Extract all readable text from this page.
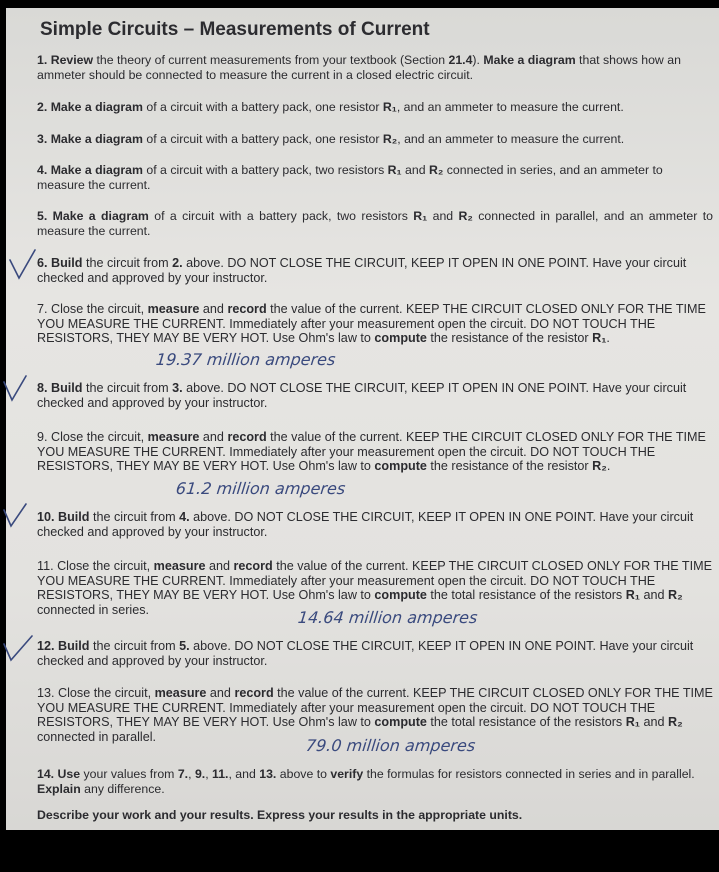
Simple Circuits – Measurements of Current
1. Review the theory of current measurements from your textbook (Section 21.4). Make a diagram that shows how an ammeter should be connected to measure the current in a closed electric circuit.
2. Make a diagram of a circuit with a battery pack, one resistor R₁, and an ammeter to measure the current.
3. Make a diagram of a circuit with a battery pack, one resistor R₂, and an ammeter to measure the current.
4. Make a diagram of a circuit with a battery pack, two resistors R₁ and R₂ connected in series, and an ammeter to measure the current.
5. Make a diagram of a circuit with a battery pack, two resistors R₁ and R₂ connected in parallel, and an ammeter to measure the current.
6. Build the circuit from 2. above. DO NOT CLOSE THE CIRCUIT, KEEP IT OPEN IN ONE POINT. Have your circuit checked and approved by your instructor.
7. Close the circuit, measure and record the value of the current. KEEP THE CIRCUIT CLOSED ONLY FOR THE TIME YOU MEASURE THE CURRENT. Immediately after your measurement open the circuit. DO NOT TOUCH THE RESISTORS, THEY MAY BE VERY HOT. Use Ohm's law to compute the resistance of the resistor R₁.
8. Build the circuit from 3. above. DO NOT CLOSE THE CIRCUIT, KEEP IT OPEN IN ONE POINT. Have your circuit checked and approved by your instructor.
9. Close the circuit, measure and record the value of the current. KEEP THE CIRCUIT CLOSED ONLY FOR THE TIME YOU MEASURE THE CURRENT. Immediately after your measurement open the circuit. DO NOT TOUCH THE RESISTORS, THEY MAY BE VERY HOT. Use Ohm's law to compute the resistance of the resistor R₂.
10. Build the circuit from 4. above. DO NOT CLOSE THE CIRCUIT, KEEP IT OPEN IN ONE POINT. Have your circuit checked and approved by your instructor.
11. Close the circuit, measure and record the value of the current. KEEP THE CIRCUIT CLOSED ONLY FOR THE TIME YOU MEASURE THE CURRENT. Immediately after your measurement open the circuit. DO NOT TOUCH THE RESISTORS, THEY MAY BE VERY HOT. Use Ohm's law to compute the total resistance of the resistors R₁ and R₂ connected in series.
12. Build the circuit from 5. above. DO NOT CLOSE THE CIRCUIT, KEEP IT OPEN IN ONE POINT. Have your circuit checked and approved by your instructor.
13. Close the circuit, measure and record the value of the current. KEEP THE CIRCUIT CLOSED ONLY FOR THE TIME YOU MEASURE THE CURRENT. Immediately after your measurement open the circuit. DO NOT TOUCH THE RESISTORS, THEY MAY BE VERY HOT. Use Ohm's law to compute the total resistance of the resistors R₁ and R₂ connected in parallel.
14. Use your values from 7., 9., 11., and 13. above to verify the formulas for resistors connected in series and in parallel. Explain any difference.
Describe your work and your results. Express your results in the appropriate units.
19.37 million amperes
61.2 million amperes
14.64 million amperes
79.0 million amperes
